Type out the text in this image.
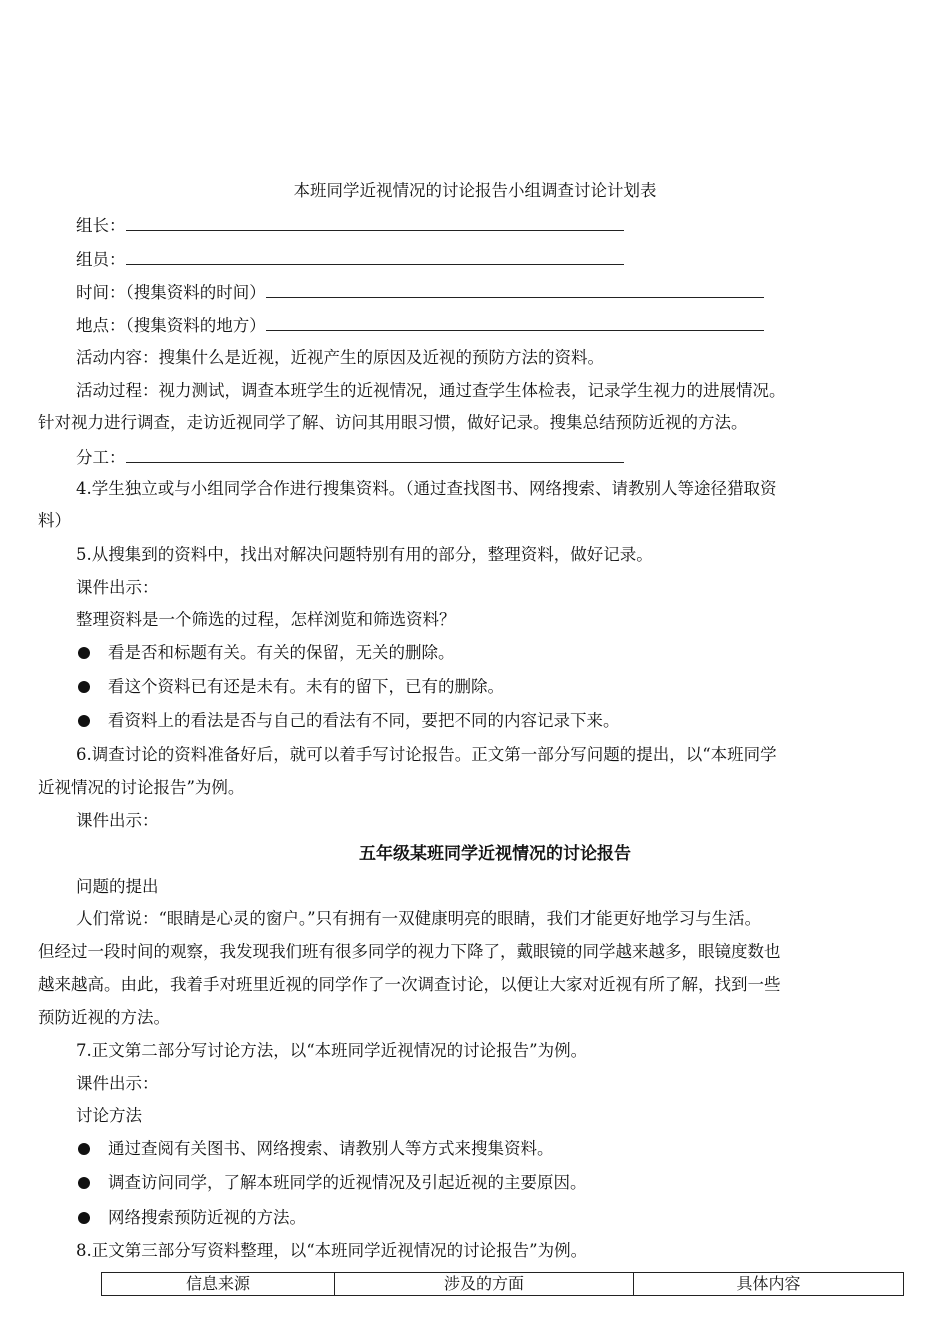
本班同学近视情况的讨论报告小组调查讨论计划表
组长：
组员：
时间：（搜集资料的时间）
地点：（搜集资料的地方）
活动内容：搜集什么是近视，近视产生的原因及近视的预防方法的资料。
活动过程：视力测试，调查本班学生的近视情况，通过查学生体检表，记录学生视力的进展情况。
针对视力进行调查，走访近视同学了解、访问其用眼习惯，做好记录。搜集总结预防近视的方法。
分工：
4.学生独立或与小组同学合作进行搜集资料。（通过查找图书、网络搜索、请教别人等途径猎取资
料）
5.从搜集到的资料中，找出对解决问题特别有用的部分，整理资料，做好记录。
课件出示：
整理资料是一个筛选的过程，怎样浏览和筛选资料？
看是否和标题有关。有关的保留，无关的删除。
看这个资料已有还是未有。未有的留下，已有的删除。
看资料上的看法是否与自己的看法有不同，要把不同的内容记录下来。
6.调查讨论的资料准备好后，就可以着手写讨论报告。正文第一部分写问题的提出，以“本班同学
近视情况的讨论报告”为例。
课件出示：
五年级某班同学近视情况的讨论报告
问题的提出
人们常说：“眼睛是心灵的窗户。”只有拥有一双健康明亮的眼睛，我们才能更好地学习与生活。
但经过一段时间的观察，我发现我们班有很多同学的视力下降了，戴眼镜的同学越来越多，眼镜度数也
越来越高。由此，我着手对班里近视的同学作了一次调查讨论，以便让大家对近视有所了解，找到一些
预防近视的方法。
7.正文第二部分写讨论方法，以“本班同学近视情况的讨论报告”为例。
课件出示：
讨论方法
通过查阅有关图书、网络搜索、请教别人等方式来搜集资料。
调查访问同学，了解本班同学的近视情况及引起近视的主要原因。
网络搜索预防近视的方法。
8.正文第三部分写资料整理，以“本班同学近视情况的讨论报告”为例。
信息来源	涉及的方面	具体内容
